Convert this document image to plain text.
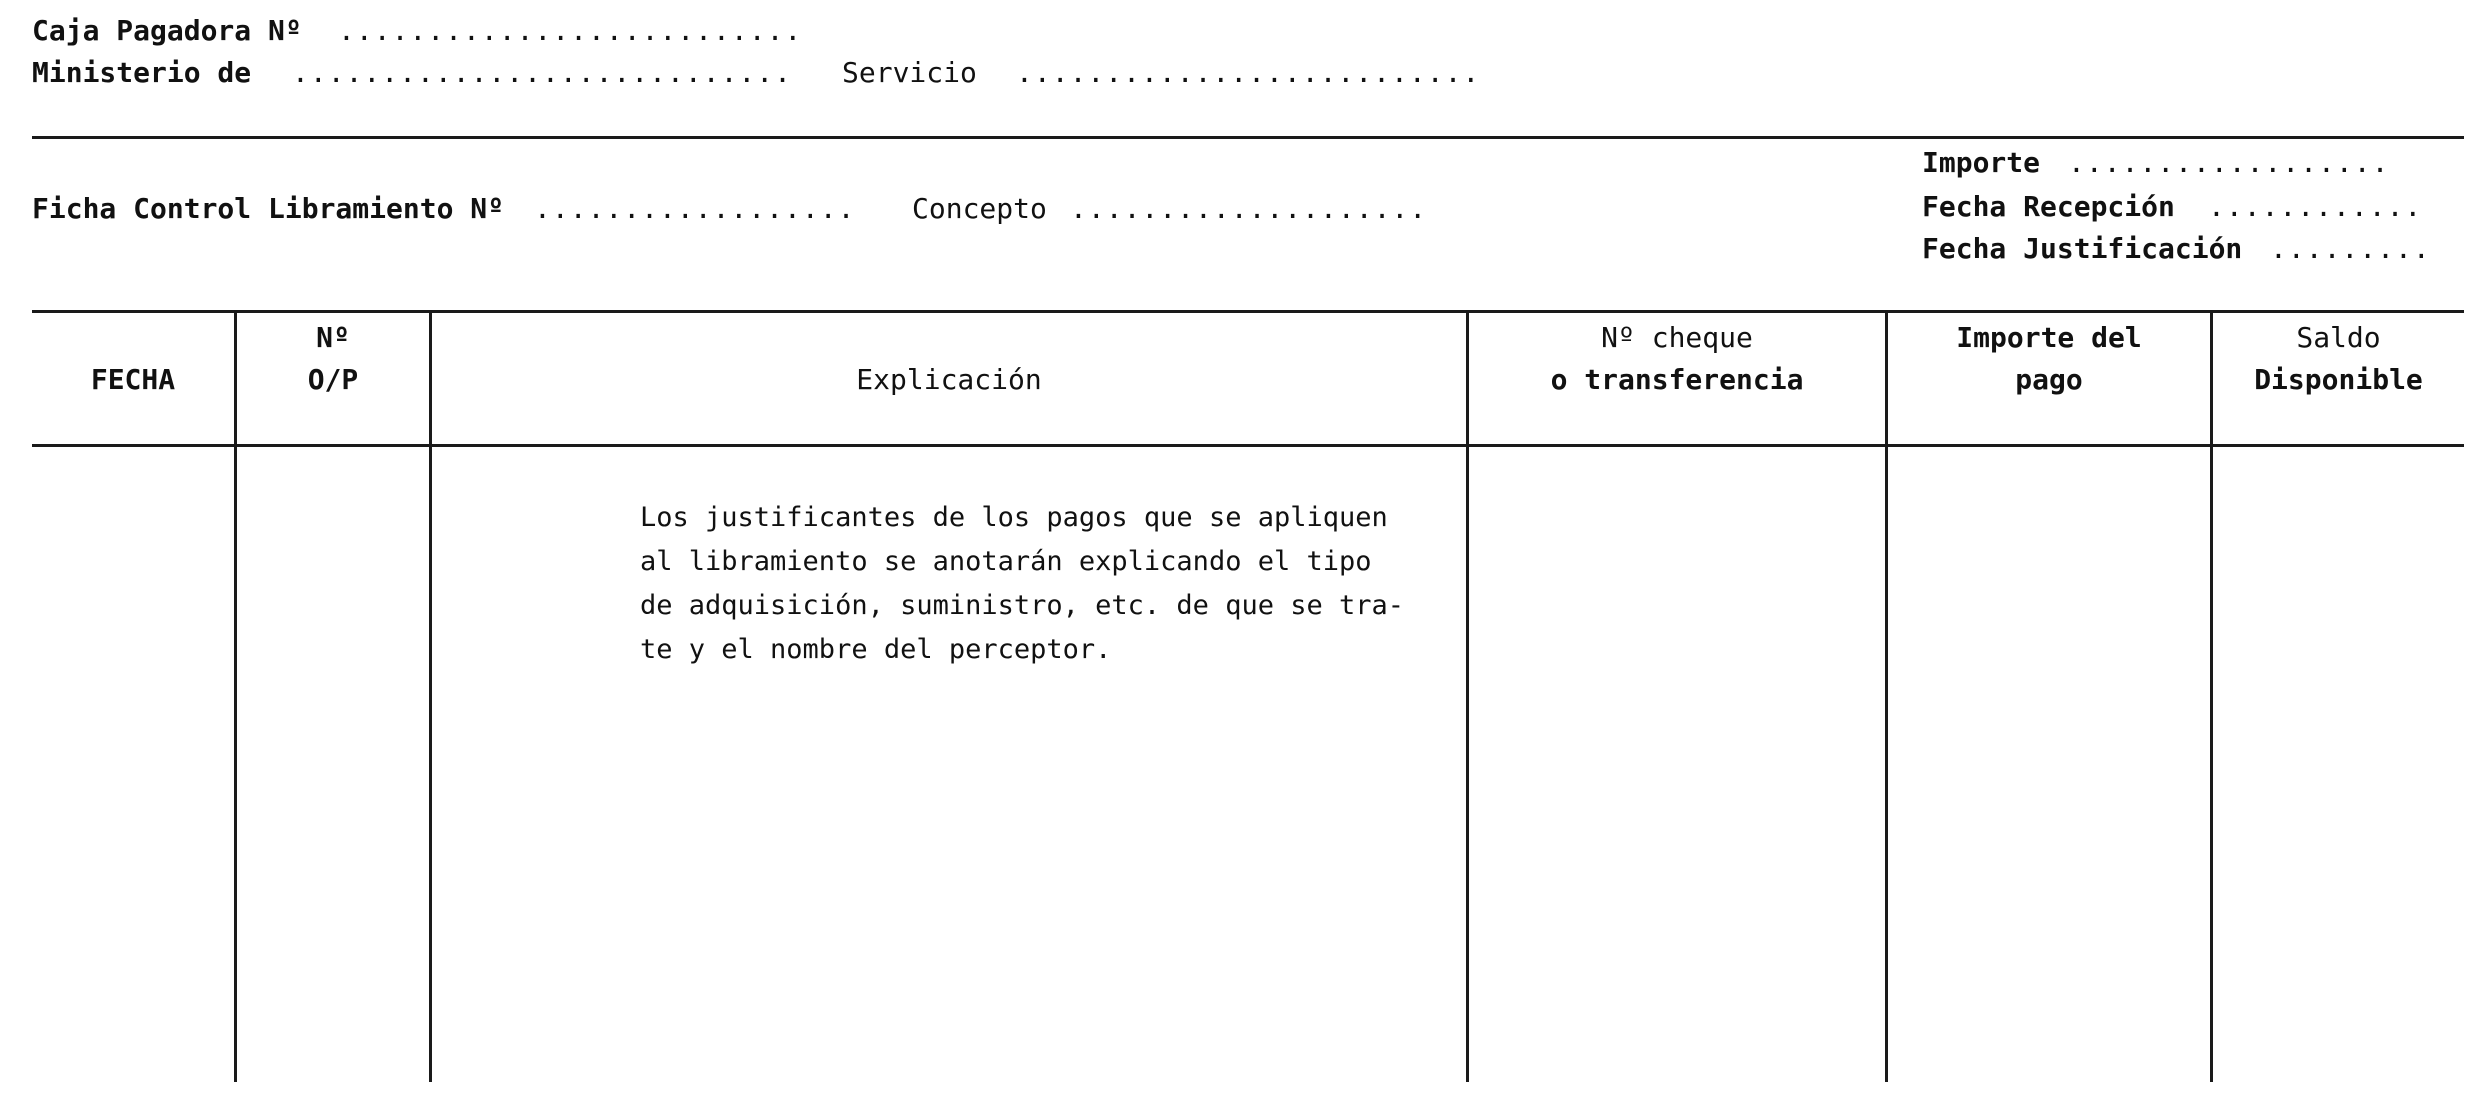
Caja Pagadora Nº ..........................
Ministerio de ............................ Servicio ..........................
Importe ..................
Ficha Control Libramiento Nº .................. Concepto ....................	Fecha Recepción ............
Fecha Justificación .........
FECHA
Nº
O/P	Explicación
Nº cheque
o transferencia
Importe del
pago
Saldo
Disponible
Los justificantes de los pagos que se apliquen
al libramiento se anotarán explicando el tipo
de adquisición, suministro, etc. de que se tra-
te y el nombre del perceptor.
